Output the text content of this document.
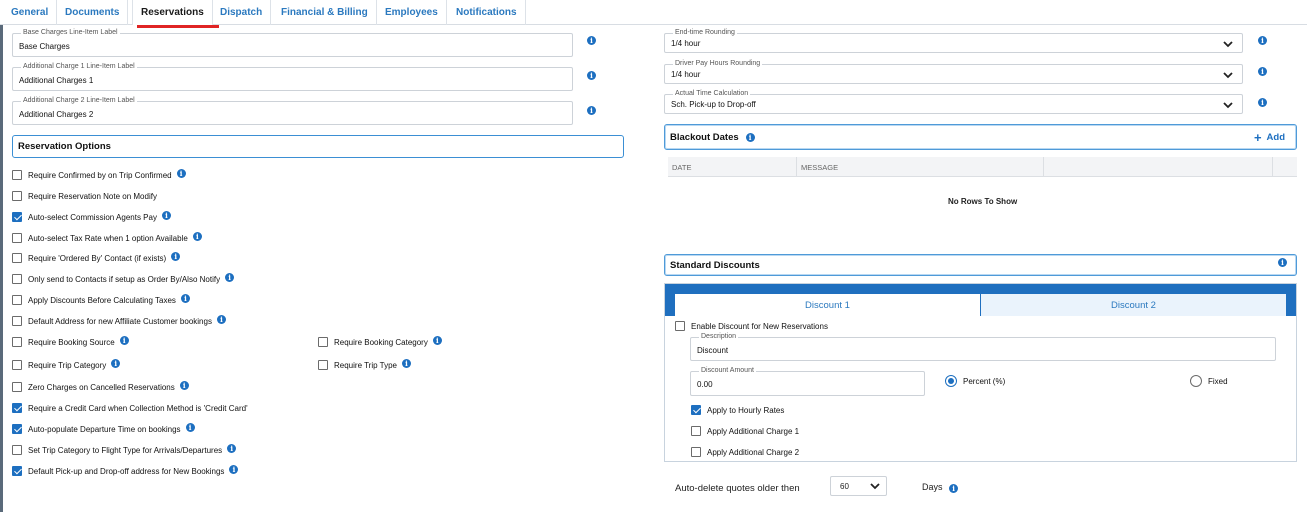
General	Documents	Reservations	Dispatch	Financial & Billing	Employees	Notifications
Base Charges Line-Item Label
Base Charges
i
Additional Charge 1 Line-Item Label
Additional Charges 1
i
Additional Charge 2 Line-Item Label
Additional Charges 2	i
Reservation Options
Require Confirmed by on Trip Confirmed	i
Require Reservation Note on Modify
Auto-select Commission Agents Pay	i
Auto-select Tax Rate when 1 option Available	i
Require 'Ordered By' Contact (if exists)	i
Only send to Contacts if setup as Order By/Also Notify	i
Apply Discounts Before Calculating Taxes	i
Default Address for new Affiliate Customer bookings	i
Require Booking Source	i	Require Booking Category	i
Require Trip Category	i	Require Trip Type	i
Zero Charges on Cancelled Reservations	i
Require a Credit Card when Collection Method is 'Credit Card'
Auto-populate Departure Time on bookings	i
Set Trip Category to Flight Type for Arrivals/Departures	i
Default Pick-up and Drop-off address for New Bookings	i
End-time Rounding
1/4 hour	i
Driver Pay Hours Rounding
1/4 hour	i
Actual Time Calculation
Sch. Pick-up to Drop-off	i
Blackout Dates	i	+ Add
DATE	MESSAGE
No Rows To Show
Standard Discounts	i
Discount 1	Discount 2
Enable Discount for New Reservations
Description
Discount
Discount Amount
0.00	Percent (%)	Fixed
Apply to Hourly Rates
Apply Additional Charge 1
Apply Additional Charge 2
Auto-delete quotes older then	60	Days i
